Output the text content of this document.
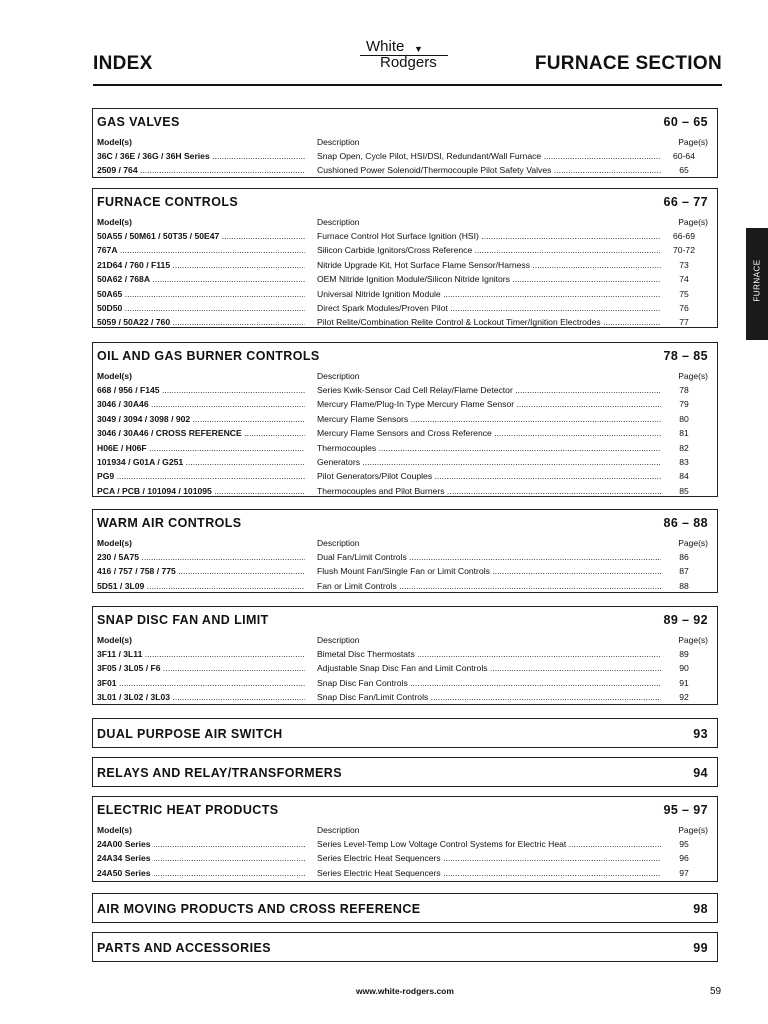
INDEX
White ▼
Rodgers	FURNACE SECTION
GAS VALVES	60 – 65
Model(s)	Description	Page(s)
36C / 36E / 36G / 36H Series .....	Snap Open, Cycle Pilot, HSI/DSI, Redundant/Wall Furnace .....	60-64
2509 / 764 .....	Cushioned Power Solenoid/Thermocouple Pilot Safety Valves .....	65
FURNACE CONTROLS	66 – 77
Model(s)	Description	Page(s)
50A55 / 50M61 / 50T35 / 50E47 .....	Furnace Control Hot Surface Ignition (HSI) .....	66-69
767A .....	Silicon Carbide Ignitors/Cross Reference .....	70-72
21D64 / 760 / F115 .....	Nitride Upgrade Kit, Hot Surface Flame Sensor/Harness .....	73
50A62 / 768A .....	OEM Nitride Ignition Module/Silicon Nitride Ignitors .....	74
50A65 .....	Universal Nitride Ignition Module .....	75
50D50 .....	Direct Spark Modules/Proven Pilot .....	76
5059 / 50A22 / 760 .....	Pilot Relite/Combination Relite Control & Lockout Timer/Ignition Electrodes .....	77
OIL AND GAS BURNER CONTROLS	78 – 85
Model(s)	Description	Page(s)
668 / 956 / F145 .....	Series Kwik-Sensor Cad Cell Relay/Flame Detector .....	78
3046 / 30A46 .....	Mercury Flame/Plug-In Type Mercury Flame Sensor .....	79
3049 / 3094 / 3098 / 902 .....	Mercury Flame Sensors .....	80
3046 / 30A46 / CROSS REFERENCE .....	Mercury Flame Sensors and Cross Reference .....	81
H06E / H06F .....	Thermocouples .....	82
101934 / G01A / G251 .....	Generators .....	83
PG9 .....	Pilot Generators/Pilot Couples .....	84
PCA / PCB / 101094 / 101095 .....	Thermocouples and Pilot Burners .....	85
WARM AIR CONTROLS	86 – 88
Model(s)	Description	Page(s)
230 / 5A75 .....	Dual Fan/Limit Controls .....	86
416 / 757 / 758 / 775 .....	Flush Mount Fan/Single Fan or Limit Controls .....	87
5D51 / 3L09 .....	Fan or Limit Controls .....	88
SNAP DISC FAN AND LIMIT	89 – 92
Model(s)	Description	Page(s)
3F11 / 3L11 .....	Bimetal Disc Thermostats .....	89
3F05 / 3L05 / F6 .....	Adjustable Snap Disc Fan and Limit Controls .....	90
3F01 .....	Snap Disc Fan Controls .....	91
3L01 / 3L02 / 3L03 .....	Snap Disc Fan/Limit Controls .....	92
DUAL PURPOSE AIR SWITCH	93
RELAYS AND RELAY/TRANSFORMERS	94
ELECTRIC HEAT PRODUCTS	95 – 97
Model(s)	Description	Page(s)
24A00 Series .....	Series Level-Temp Low Voltage Control Systems for Electric Heat .....	95
24A34 Series .....	Series Electric Heat Sequencers .....	96
24A50 Series .....	Series Electric Heat Sequencers .....	97
AIR MOVING PRODUCTS AND CROSS REFERENCE	98
PARTS AND ACCESSORIES	99
FURNACE
www.white-rodgers.com	59
